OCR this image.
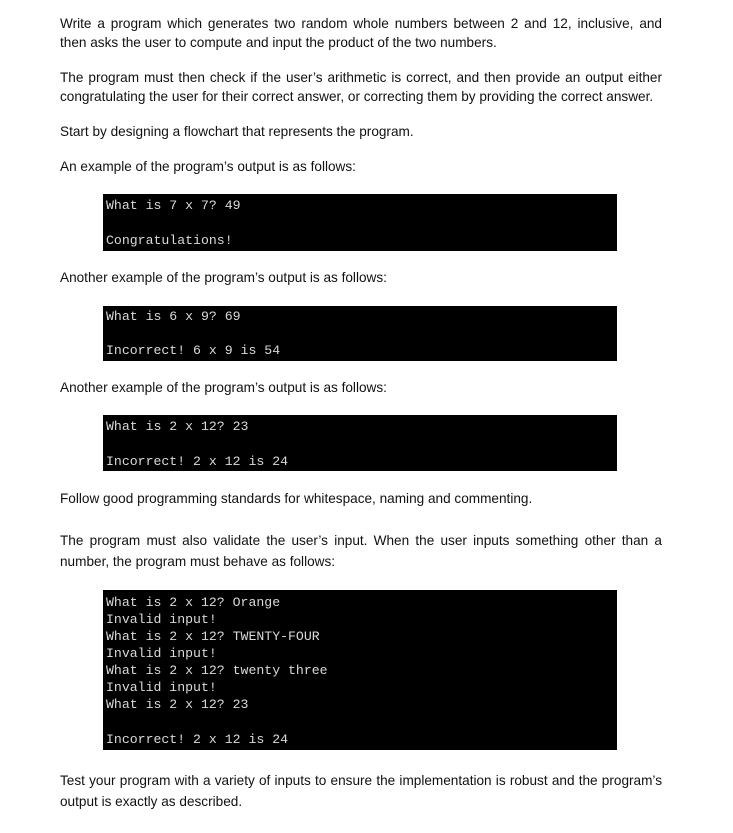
Write a program which generates two random whole numbers between 2 and 12, inclusive, and then asks the user to compute and input the product of the two numbers.

The program must then check if the user’s arithmetic is correct, and then provide an output either congratulating the user for their correct answer, or correcting them by providing the correct answer.

Start by designing a flowchart that represents the program.

An example of the program’s output is as follows:

What is 7 x 7? 49
Congratulations!

Another example of the program’s output is as follows:

What is 6 x 9? 69
Incorrect! 6 x 9 is 54

Another example of the program’s output is as follows:

What is 2 x 12? 23
Incorrect! 2 x 12 is 24

Follow good programming standards for whitespace, naming and commenting.

The program must also validate the user’s input. When the user inputs something other than a number, the program must behave as follows:

What is 2 x 12? Orange
Invalid input!
What is 2 x 12? TWENTY-FOUR
Invalid input!
What is 2 x 12? twenty three
Invalid input!
What is 2 x 12? 23
Incorrect! 2 x 12 is 24

Test your program with a variety of inputs to ensure the implementation is robust and the program’s output is exactly as described.
